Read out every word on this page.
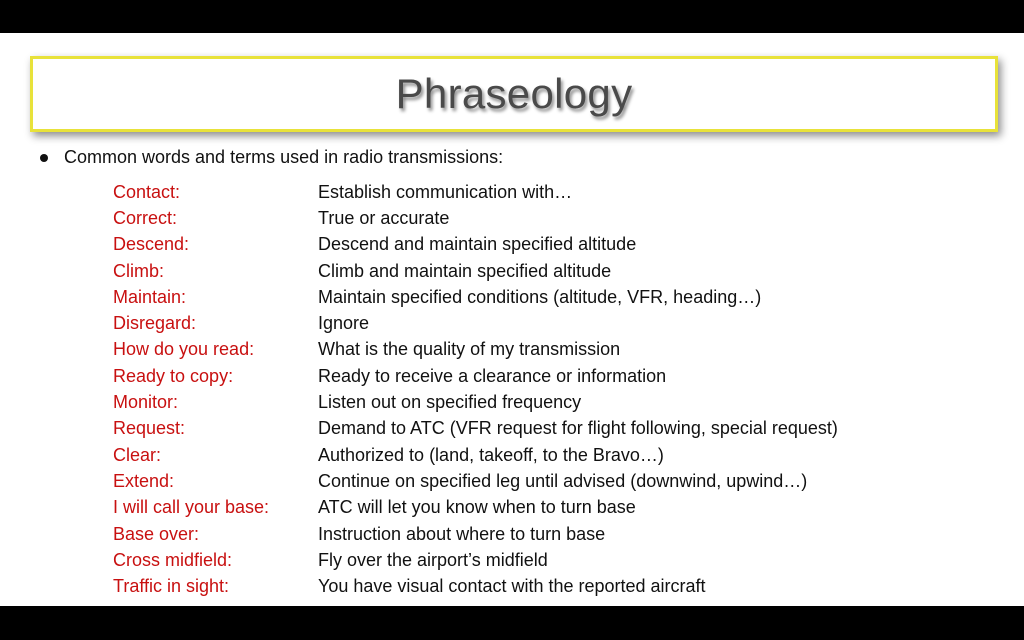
Phraseology
Common words and terms used in radio transmissions:
Contact:	Establish communication with…
Correct:	True or accurate
Descend:	Descend and maintain specified altitude
Climb:	Climb and maintain specified altitude
Maintain:	Maintain specified conditions (altitude, VFR, heading…)
Disregard:	Ignore
How do you read:	What is the quality of my transmission
Ready to copy:	Ready to receive a clearance or information
Monitor:	Listen out on specified frequency
Request:	Demand to ATC (VFR request for flight following, special request)
Clear:	Authorized to (land, takeoff, to the Bravo…)
Extend:	Continue on specified leg until advised (downwind, upwind…)
I will call your base:	ATC will let you know when to turn base
Base over:	Instruction about where to turn base
Cross midfield:	Fly over the airport’s midfield
Traffic in sight:	You have visual contact with the reported aircraft
